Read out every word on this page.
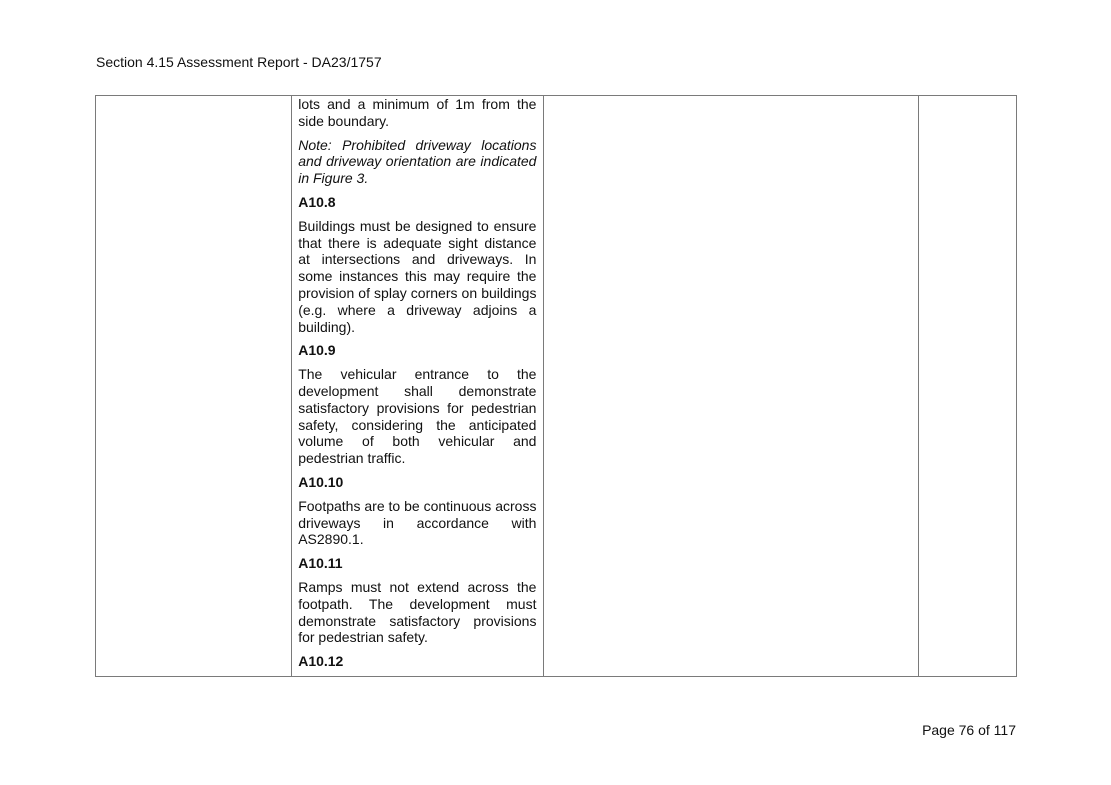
Section 4.15 Assessment Report - DA23/1757

lots and a minimum of 1m from the side boundary.

Note: Prohibited driveway locations and driveway orientation are indicated in Figure 3.

A10.8

Buildings must be designed to ensure that there is adequate sight distance at intersections and driveways. In some instances this may require the provision of splay corners on buildings (e.g. where a driveway adjoins a building).

A10.9

The vehicular entrance to the development shall demonstrate satisfactory provisions for pedestrian safety, considering the anticipated volume of both vehicular and pedestrian traffic.

A10.10

Footpaths are to be continuous across driveways in accordance with AS2890.1.

A10.11

Ramps must not extend across the footpath. The development must demonstrate satisfactory provisions for pedestrian safety.

A10.12

Page 76 of 117
